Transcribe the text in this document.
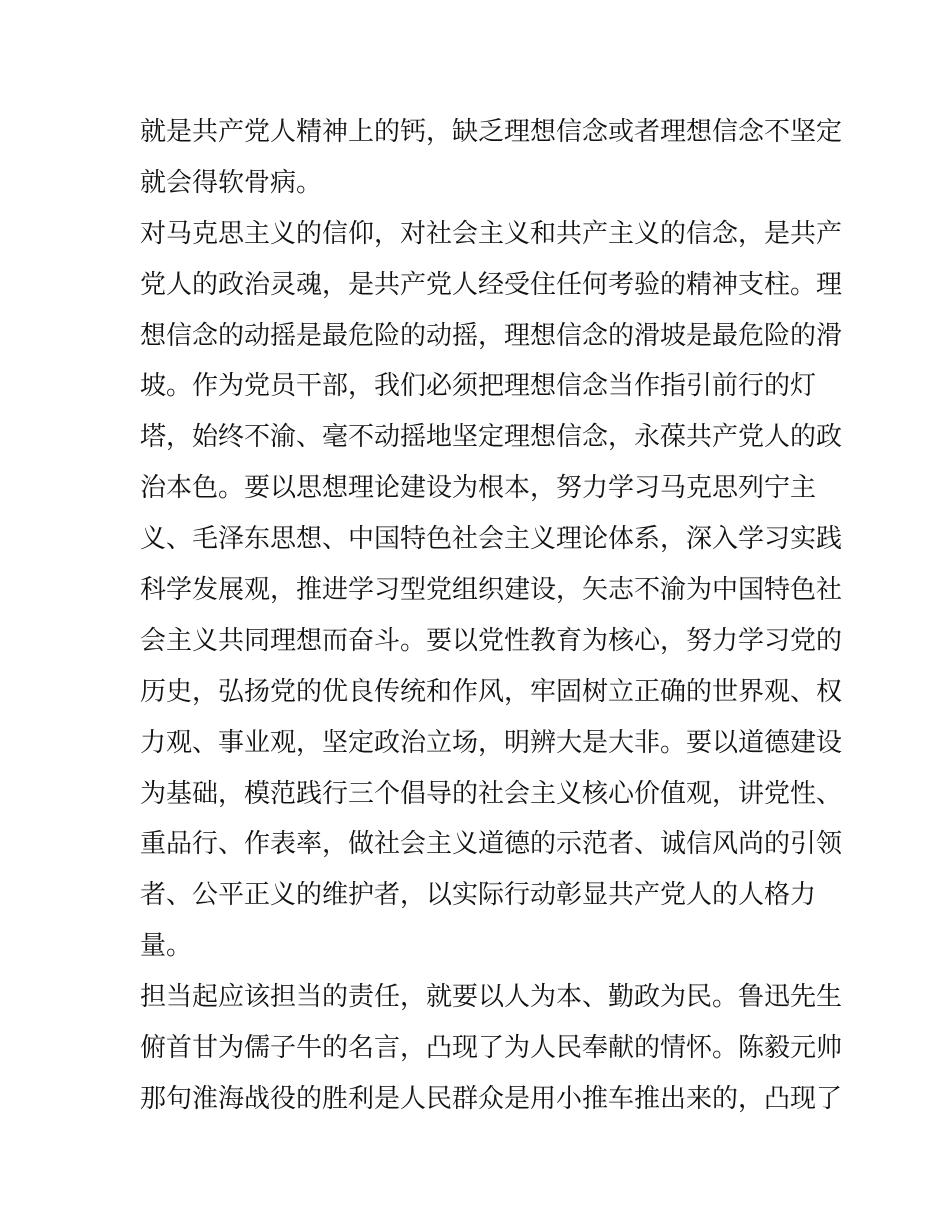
就是共产党人精神上的钙，缺乏理想信念或者理想信念不坚定
就会得软骨病。
对马克思主义的信仰，对社会主义和共产主义的信念，是共产
党人的政治灵魂，是共产党人经受住任何考验的精神支柱。理
想信念的动摇是最危险的动摇，理想信念的滑坡是最危险的滑
坡。作为党员干部，我们必须把理想信念当作指引前行的灯
塔，始终不渝、毫不动摇地坚定理想信念，永葆共产党人的政
治本色。要以思想理论建设为根本，努力学习马克思列宁主
义、毛泽东思想、中国特色社会主义理论体系，深入学习实践
科学发展观，推进学习型党组织建设，矢志不渝为中国特色社
会主义共同理想而奋斗。要以党性教育为核心，努力学习党的
历史，弘扬党的优良传统和作风，牢固树立正确的世界观、权
力观、事业观，坚定政治立场，明辨大是大非。要以道德建设
为基础，模范践行三个倡导的社会主义核心价值观，讲党性、
重品行、作表率，做社会主义道德的示范者、诚信风尚的引领
者、公平正义的维护者，以实际行动彰显共产党人的人格力
量。
担当起应该担当的责任，就要以人为本、勤政为民。鲁迅先生
俯首甘为儒子牛的名言，凸现了为人民奉献的情怀。陈毅元帅
那句淮海战役的胜利是人民群众是用小推车推出来的，凸现了
